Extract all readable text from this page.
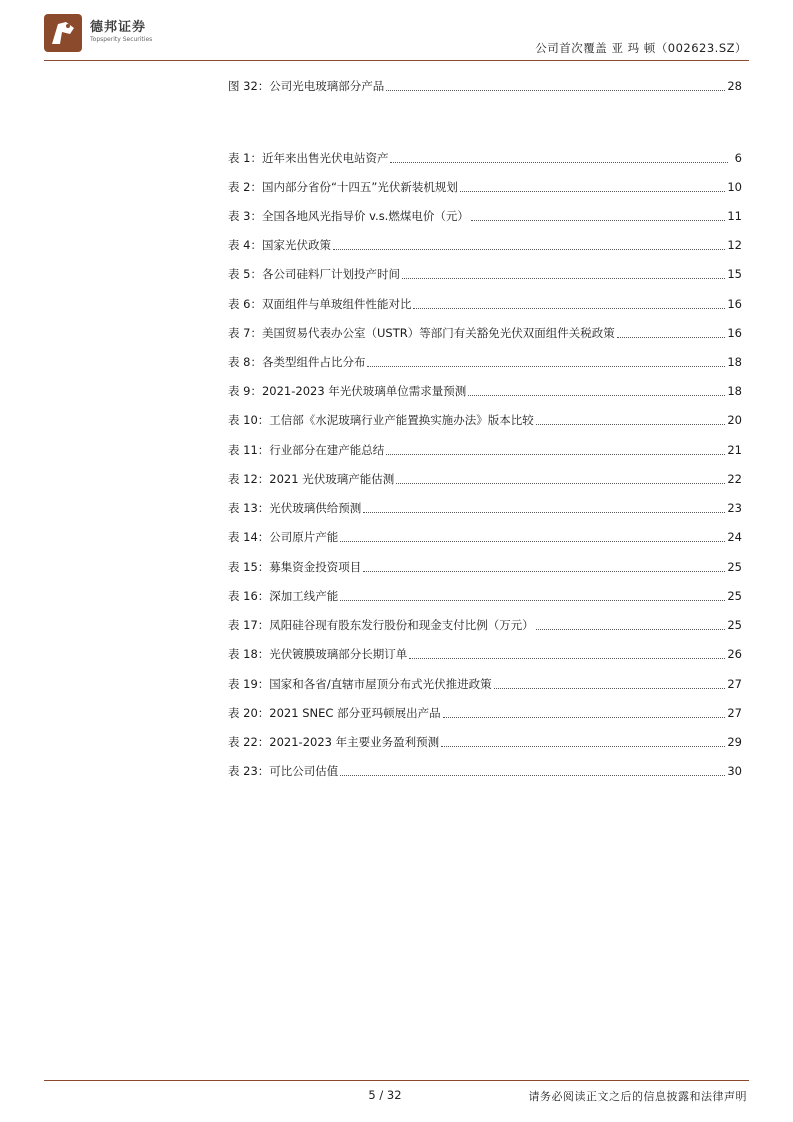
德邦证券
Topsperity Securities
公司首次覆盖 亚 玛 顿（002623.SZ）
图 32：公司光电玻璃部分产品	28
表 1：近年来出售光伏电站资产	6
表 2：国内部分省份“十四五”光伏新装机规划	10
表 3：全国各地风光指导价 v.s.燃煤电价（元）	11
表 4：国家光伏政策	12
表 5：各公司硅料厂计划投产时间	15
表 6：双面组件与单玻组件性能对比	16
表 7：美国贸易代表办公室（USTR）等部门有关豁免光伏双面组件关税政策	16
表 8：各类型组件占比分布	18
表 9：2021-2023 年光伏玻璃单位需求量预测	18
表 10：工信部《水泥玻璃行业产能置换实施办法》版本比较	20
表 11：行业部分在建产能总结	21
表 12：2021 光伏玻璃产能估测	22
表 13：光伏玻璃供给预测	23
表 14：公司原片产能	24
表 15：募集资金投资项目	25
表 16：深加工线产能	25
表 17：凤阳硅谷现有股东发行股份和现金支付比例（万元）	25
表 18：光伏镀膜玻璃部分长期订单	26
表 19：国家和各省/直辖市屋顶分布式光伏推进政策	27
表 20：2021 SNEC 部分亚玛顿展出产品	27
表 22：2021-2023 年主要业务盈利预测	29
表 23：可比公司估值	30
5 / 32	请务必阅读正文之后的信息披露和法律声明
